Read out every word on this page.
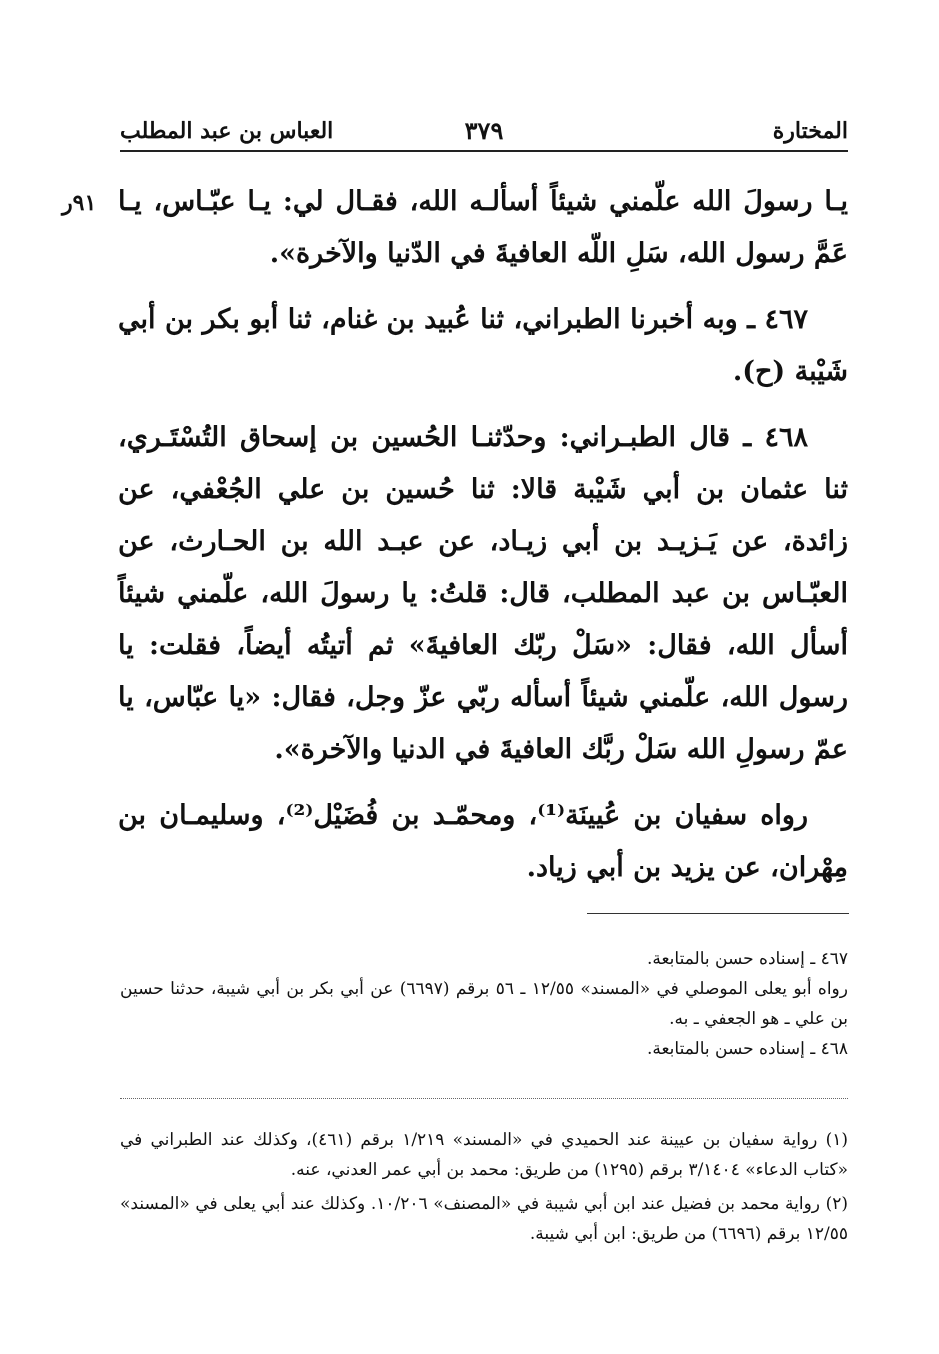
المختارة
٣٧٩
العباس بن عبد المطلب
٩١ر يـا رسولَ الله علّمني شيئاً أسألـه الله، فقـال لي: يـا عبّـاس، يـا عَمَّ رسول الله، سَلِ اللّه العافيةَ في الدّنيا والآخرة».

٤٦٧ ـ وبه أخبرنا الطبراني، ثنا عُبيد بن غنام، ثنا أبو بكر بن أبي شَيْبة (ح).

٤٦٨ ـ قال الطبـراني: وحدّثنـا الحُسين بن إسحاق التُسْتَـري، ثنا عثمان بن أبي شَيْبة قالا: ثنا حُسين بن علي الجُعْفي، عن زائدة، عن يَـزيـد بن أبي زيـاد، عن عبـد الله بن الحـارث، عن العبّـاس بن عبد المطلب، قال: قلتُ: يا رسولَ الله، علّمني شيئاً أسأل الله، فقال: «سَلْ ربّك العافيةَ» ثم أتيتُه أيضاً، فقلت: يا رسول الله، علّمني شيئاً أسأله ربّي عزّ وجل، فقال: «يا عبّاس، يا عمّ رسولِ الله سَلْ ربَّك العافيةَ في الدنيا والآخرة».

رواه سفيان بن عُيينَة⁽¹⁾، ومحمّـد بن فُضَيْل⁽²⁾، وسليمـان بن مِهْران، عن يزيد بن أبي زياد.

٤٦٧ ـ إسناده حسن بالمتابعة.

رواه أبو يعلى الموصلي في «المسند» ١٢/٥٥ ـ ٥٦ برقم (٦٦٩٧) عن أبي بكر بن أبي شيبة، حدثنا حسين بن علي ـ هو الجعفي ـ به.

٤٦٨ ـ إسناده حسن بالمتابعة.

(١) رواية سفيان بن عيينة عند الحميدي في «المسند» ١/٢١٩ برقم (٤٦١)، وكذلك عند الطبراني في «كتاب الدعاء» ٣/١٤٠٤ برقم (١٢٩٥) من طريق: محمد بن أبي عمر العدني، عنه.

(٢) رواية محمد بن فضيل عند ابن أبي شيبة في «المصنف» ١٠/٢٠٦. وكذلك عند أبي يعلى في «المسند» ١٢/٥٥ برقم (٦٦٩٦) من طريق: ابن أبي شيبة.
